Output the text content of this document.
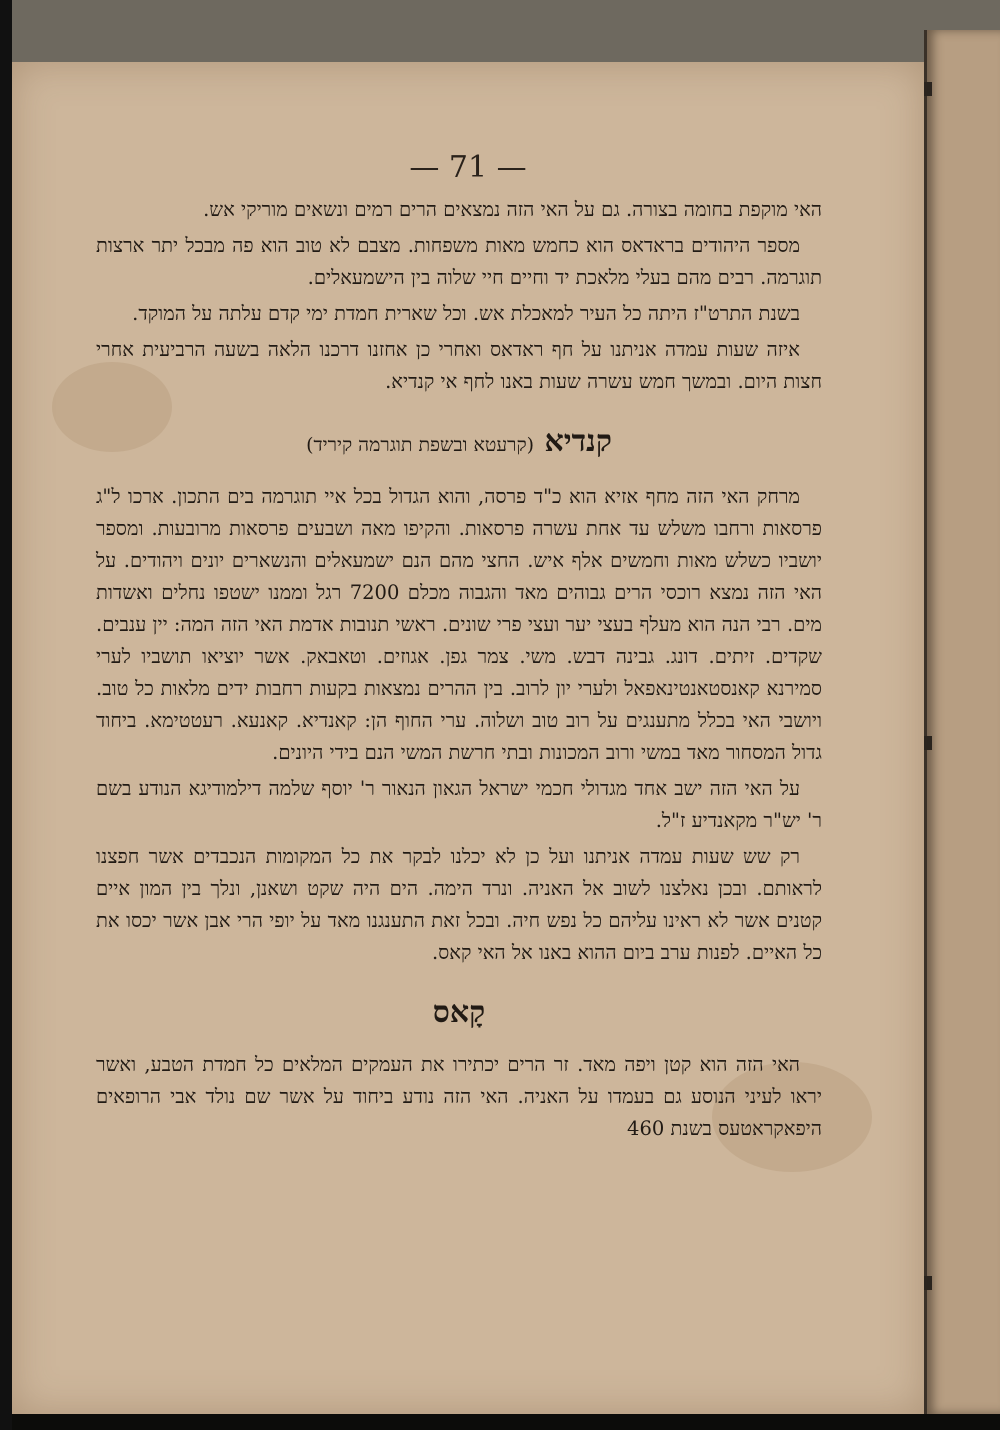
— 71 —

האי מוקפת בחומה בצורה. גם על האי הזה נמצאים הרים רמים ונשאים מוריקי אש.

מספר היהודים בראדאס הוא כחמש מאות משפחות. מצבם לא טוב הוא פה מבכל יתר ארצות תוגרמה. רבים מהם בעלי מלאכת יד וחיים חיי שלוה בין הישמעאלים.

בשנת התרט"ז היתה כל העיר למאכלת אש. וכל שארית חמדת ימי קדם עלתה על המוקד.

איזה שעות עמדה אניתנו על חף ראדאס ואחרי כן אחזנו דרכנו הלאה בשעה הרביעית אחרי חצות היום. ובמשך חמש עשרה שעות באנו לחף אי קנדיא.

קנדיא (קרעטא ובשפת תוגרמה קיריד)

מרחק האי הזה מחף אזיא הוא כ"ד פרסה, והוא הגדול בכל איי תוגרמה בים התכון. ארכו ל"ג פרסאות ורחבו משלש עד אחת עשרה פרסאות. והקיפו מאה ושבעים פרסאות מרובעות. ומספר יושביו כשלש מאות וחמשים אלף איש. החצי מהם הנם ישמעאלים והנשארים יונים ויהודים. על האי הזה נמצא רוכסי הרים גבוהים מאד והגבוה מכלם 7200 רגל וממנו ישטפו נחלים ואשדות מים. רבי הנה הוא מעלף בעצי יער ועצי פרי שונים. ראשי תנובות אדמת האי הזה המה: יין ענבים. שקדים. זיתים. דונג. גבינה דבש. משי. צמר גפן. אגוזים. וטאבאק. אשר יוציאו תושביו לערי סמירנא קאנסטאנטינאפאל ולערי יון לרוב. בין ההרים נמצאות בקעות רחבות ידים מלאות כל טוב. ויושבי האי בכלל מתענגים על רוב טוב ושלוה. ערי החוף הן: קאנדיא. קאנעא. רעטטימא. ביחוד גדול המסחור מאד במשי ורוב המכונות ובתי חרשת המשי הנם בידי היונים.

על האי הזה ישב אחד מגדולי חכמי ישראל הגאון הנאור ר' יוסף שלמה דילמודיגא הנודע בשם ר' יש"ר מקאנדיע ז"ל.

רק שש שעות עמדה אניתנו ועל כן לא יכלנו לבקר את כל המקומות הנכבדים אשר חפצנו לראותם. ובכן נאלצנו לשוב אל האניה. ונרד הימה. הים היה שקט ושאנן, ונלך בין המון איים קטנים אשר לא ראינו עליהם כל נפש חיה. ובכל זאת התענגנו מאד על יופי הרי אבן אשר יכסו את כל האיים. לפנות ערב ביום ההוא באנו אל האי קאס.

קָאס

האי הזה הוא קטן ויפה מאד. זר הרים יכתירו את העמקים המלאים כל חמדת הטבע, ואשר יראו לעיני הנוסע גם בעמדו על האניה. האי הזה נודע ביחוד על אשר שם נולד אבי הרופאים היפאקראטעס בשנת 460
